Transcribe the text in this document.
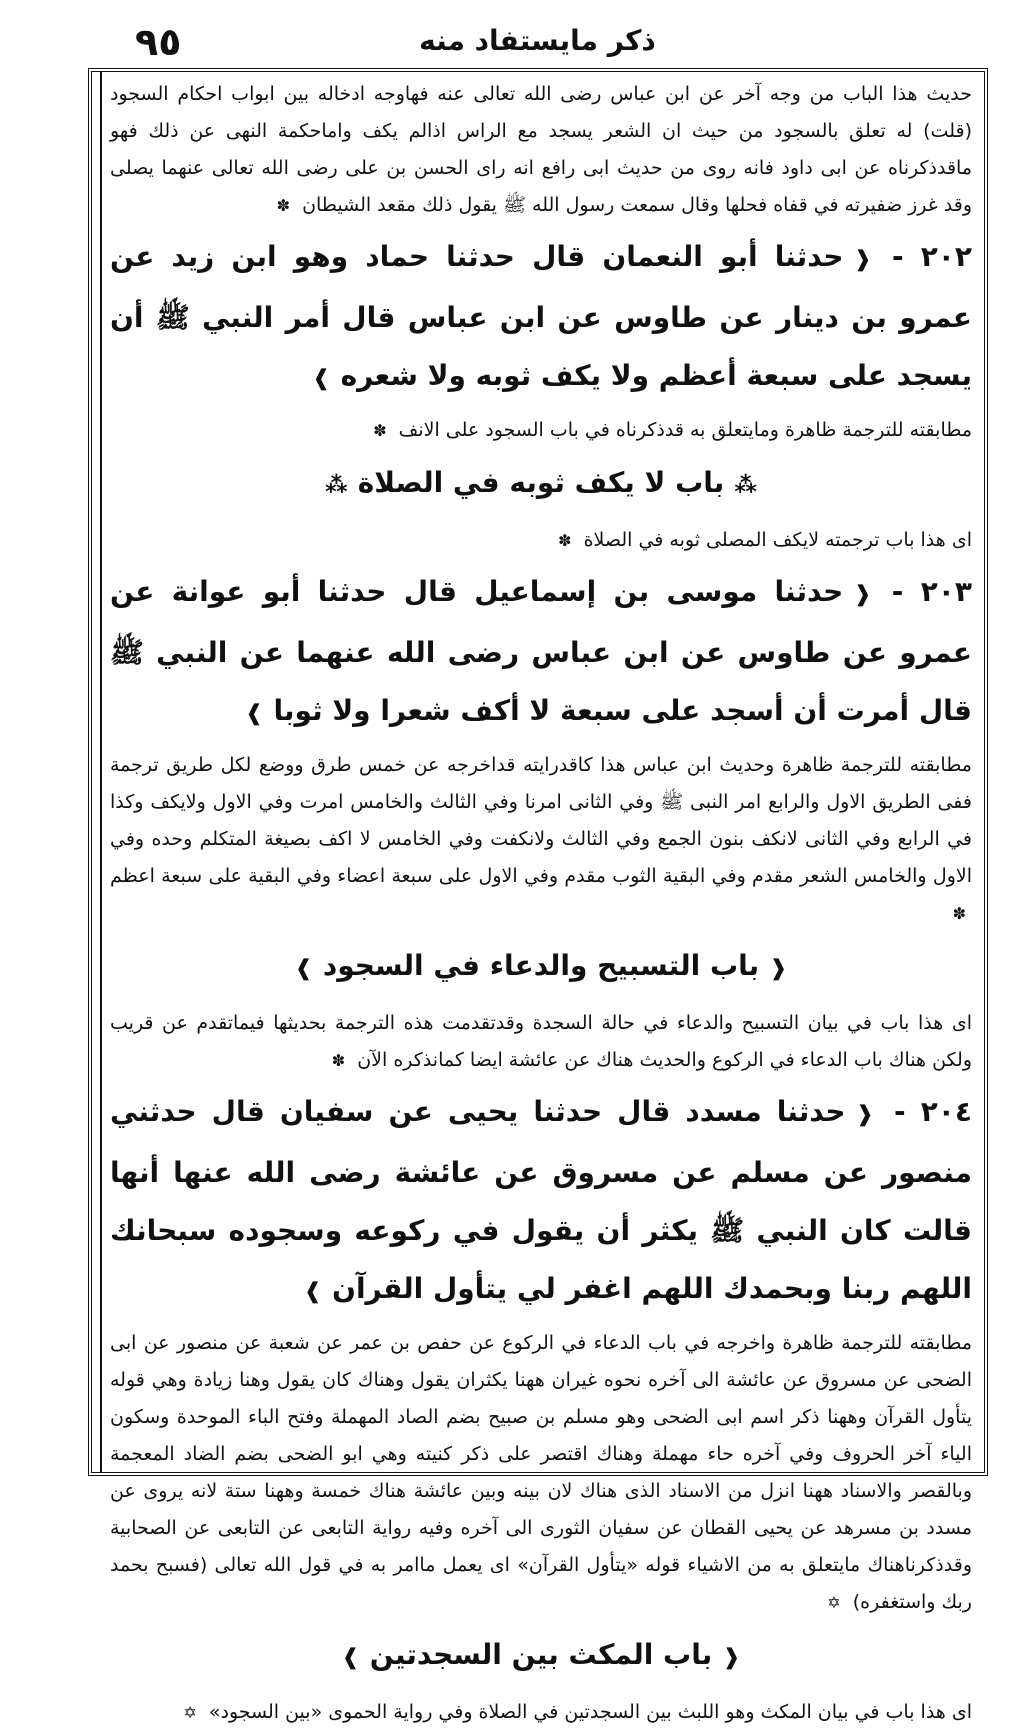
٩٥	ذکر مایستفاد منه

حديث هذا الباب من وجه آخر عن ابن عباس رضى الله تعالى عنه فهاوجه ادخاله بين ابواب احكام السجود (قلت) له تعلق بالسجود من حيث ان الشعر يسجد مع الراس اذالم يكف واماحكمة النهى عن ذلك فهو ماقدذكرناه عن ابى داود فانه روى من حديث ابى رافع انه راى الحسن بن على رضى الله تعالى عنهما يصلى وقد غرز ضفيرته في قفاه فحلها وقال سمعت رسول الله ﷺ يقول ذلك مقعد الشيطان ✽

٢٠٢ -❰حدثنا أبو النعمان قال حدثنا حماد وهو ابن زيد عن عمرو بن دينار عن طاوس عن ابن عباس قال أمر النبي ﷺ أن يسجد على سبعة أعظم ولا يكف ثوبه ولا شعره❱

مطابقته للترجمة ظاهرة ومايتعلق به قدذكرناه في باب السجود على الانف ✽

⁂باب لا يكف ثوبه في الصلاة⁂

اى هذا باب ترجمته لايكف المصلى ثوبه في الصلاة ✽

٢٠٣ -❰حدثنا موسى بن إسماعيل قال حدثنا أبو عوانة عن عمرو عن طاوس عن ابن عباس رضى الله عنهما عن النبي ﷺ قال أمرت أن أسجد على سبعة لا أكف شعرا ولا ثوبا❱

مطابقته للترجمة ظاهرة وحديث ابن عباس هذا كاقدرايته قداخرجه عن خمس طرق ووضع لكل طريق ترجمة ففى الطريق الاول والرابع امر النبى ﷺ وفي الثانى امرنا وفي الثالث والخامس امرت وفي الاول ولايكف وكذا في الرابع وفي الثانى لانكف بنون الجمع وفي الثالث ولانكفت وفي الخامس لا اكف بصيغة المتكلم وحده وفي الاول والخامس الشعر مقدم وفي البقية الثوب مقدم وفي الاول على سبعة اعضاء وفي البقية على سبعة اعظم ✽

❰باب التسبيح والدعاء في السجود❱

اى هذا باب في بيان التسبيح والدعاء في حالة السجدة وقدتقدمت هذه الترجمة بحديثها فيماتقدم عن قريب ولكن هناك باب الدعاء في الركوع والحديث هناك عن عائشة ايضا كمانذكره الآن ✽

٢٠٤ -❰حدثنا مسدد قال حدثنا يحيى عن سفيان قال حدثني منصور عن مسلم عن مسروق عن عائشة رضى الله عنها أنها قالت كان النبي ﷺ يكثر أن يقول في ركوعه وسجوده سبحانك اللهم ربنا وبحمدك اللهم اغفر لي يتأول القرآن❱

مطابقته للترجمة ظاهرة واخرجه في باب الدعاء في الركوع عن حفص بن عمر عن شعبة عن منصور عن ابى الضحى عن مسروق عن عائشة الى آخره نحوه غيران ههنا يكثران يقول وهناك كان يقول وهنا زيادة وهي قوله يتأول القرآن وههنا ذكر اسم ابى الضحى وهو مسلم بن صبيح بضم الصاد المهملة وفتح الباء الموحدة وسكون الياء آخر الحروف وفي آخره حاء مهملة وهناك اقتصر على ذكر كنيته وهي ابو الضحى بضم الضاد المعجمة وبالقصر والاسناد ههنا انزل من الاسناد الذى هناك لان بينه وبين عائشة هناك خمسة وههنا ستة لانه يروى عن مسدد بن مسرهد عن يحيى القطان عن سفيان الثورى الى آخره وفيه رواية التابعى عن التابعى عن الصحابية وقدذكرناهناك مايتعلق به من الاشياء قوله «يتأول القرآن» اى يعمل ماامر به في قول الله تعالى (فسبح بحمد ربك واستغفره) ✡

❰باب المكث بين السجدتين❱

اى هذا باب في بيان المكث وهو اللبث بين السجدتين في الصلاة وفي رواية الحموى «بين السجود» ✡
